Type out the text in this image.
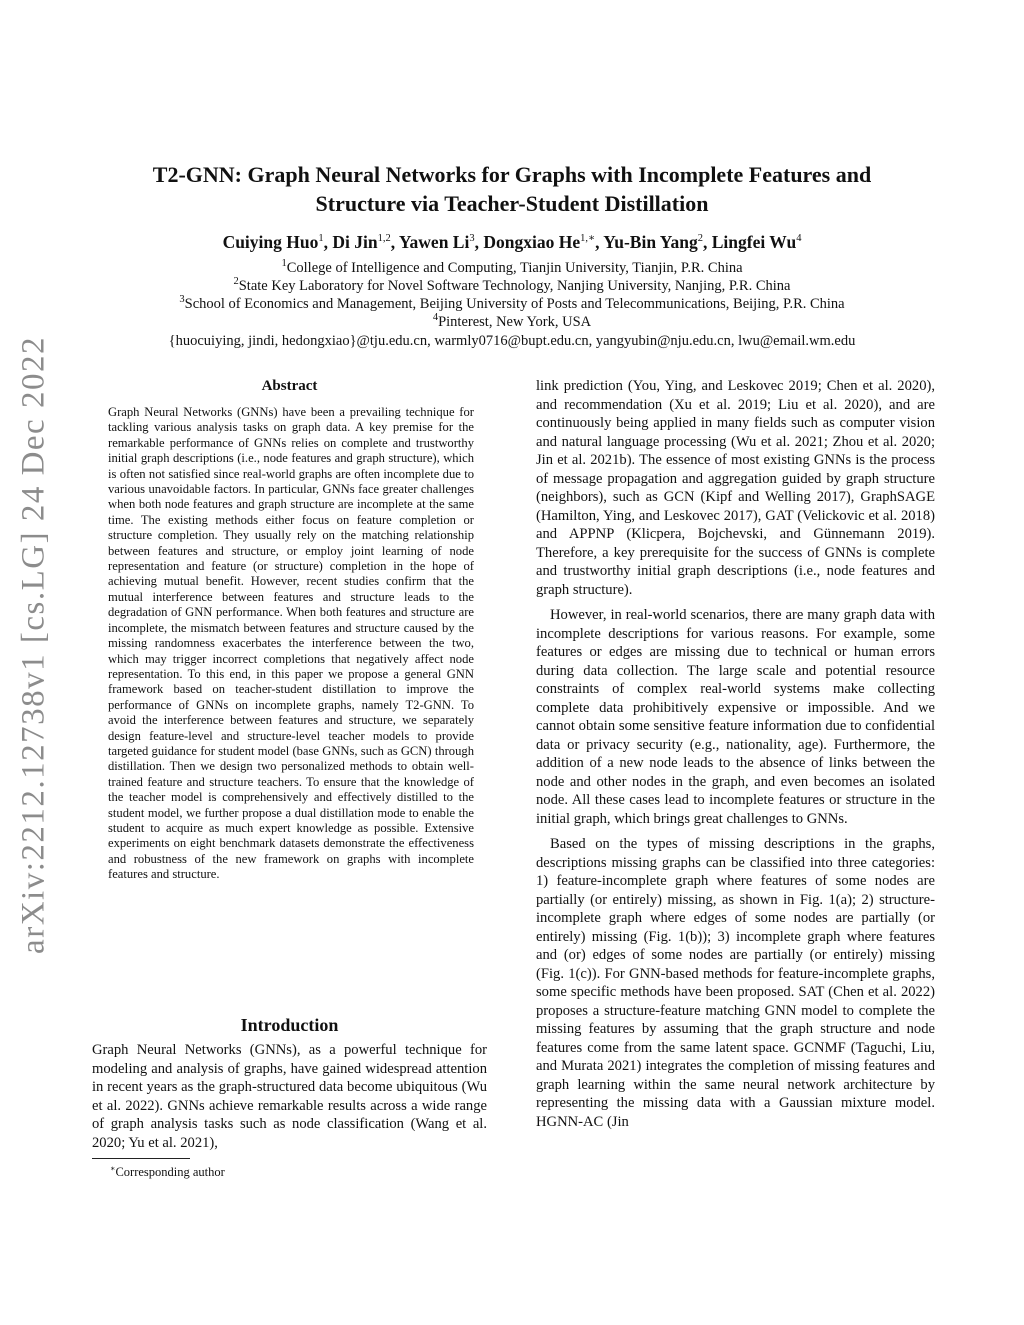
arXiv:2212.12738v1 [cs.LG] 24 Dec 2022
T2-GNN: Graph Neural Networks for Graphs with Incomplete Features and
Structure via Teacher-Student Distillation
Cuiying Huo$^1$, Di Jin$^{1,2}$, Yawen Li$^3$, Dongxiao $He^{1,∗}$, Yu-Bin Yang$^2$, Lingfei Wu$^4$
$^1$College of Intelligence and Computing, Tianjin University, Tianjin, P.R. China
$^2$State Key Laboratory for Novel Software Technology, Nanjing University, Nanjing, P.R. China
$^3$School of Economics and Management, Beijing University of Posts and Telecommunications, Beijing, P.R. China
$^4$Pinterest, New York, USA
{huocuiying, jindi, hedongxiao}@tju.edu.cn, warmly0716@bupt.edu.cn, yangyubin@nju.edu.cn, lwu@email.wm.edu
Abstract

Graph Neural Networks (GNNs) have been a prevailing technique for tackling various analysis tasks on graph data. A key premise for the remarkable performance of GNNs relies on complete and trustworthy initial graph descriptions (i.e., node features and graph structure), which is often not satisfied since real-world graphs are often incomplete due to various unavoidable factors. In particular, GNNs face greater challenges when both node features and graph structure are incomplete at the same time. The existing methods either focus on feature completion or structure completion. They usually rely on the matching relationship between features and structure, or employ joint learning of node representation and feature (or structure) completion in the hope of achieving mutual benefit. However, recent studies confirm that the mutual interference between features and structure leads to the degradation of GNN performance. When both features and structure are incomplete, the mismatch between features and structure caused by the missing randomness exacerbates the interference between the two, which may trigger incorrect completions that negatively affect node representation. To this end, in this paper we propose a general GNN framework based on teacher-student distillation to improve the performance of GNNs on incomplete graphs, namely T2-GNN. To avoid the interference between features and structure, we separately design feature-level and structure-level teacher models to provide targeted guidance for student model (base GNNs, such as GCN) through distillation. Then we design two personalized methods to obtain well-trained feature and structure teachers. To ensure that the knowledge of the teacher model is comprehensively and effectively distilled to the student model, we further propose a dual distillation mode to enable the student to acquire as much expert knowledge as possible. Extensive experiments on eight benchmark datasets demonstrate the effectiveness and robustness of the new framework on graphs with incomplete features and structure.

Introduction

Graph Neural Networks (GNNs), as a powerful technique for modeling and analysis of graphs, have gained widespread attention in recent years as the graph-structured data become ubiquitous (Wu et al. 2022). GNNs achieve remarkable results across a wide range of graph analysis tasks such as node classification (Wang et al. 2020; Yu et al. 2021),

∗Corresponding author

link prediction (You, Ying, and Leskovec 2019; Chen et al. 2020), and recommendation (Xu et al. 2019; Liu et al. 2020), and are continuously being applied in many fields such as computer vision and natural language processing (Wu et al. 2021; Zhou et al. 2020; Jin et al. 2021b). The essence of most existing GNNs is the process of message propagation and aggregation guided by graph structure (neighbors), such as GCN (Kipf and Welling 2017), GraphSAGE (Hamilton, Ying, and Leskovec 2017), GAT (Velickovic et al. 2018) and APPNP (Klicpera, Bojchevski, and Günnemann 2019). Therefore, a key prerequisite for the success of GNNs is complete and trustworthy initial graph descriptions (i.e., node features and graph structure).

However, in real-world scenarios, there are many graph data with incomplete descriptions for various reasons. For example, some features or edges are missing due to technical or human errors during data collection. The large scale and potential resource constraints of complex real-world systems make collecting complete data prohibitively expensive or impossible. And we cannot obtain some sensitive feature information due to confidential data or privacy security (e.g., nationality, age). Furthermore, the addition of a new node leads to the absence of links between the node and other nodes in the graph, and even becomes an isolated node. All these cases lead to incomplete features or structure in the initial graph, which brings great challenges to GNNs.

Based on the types of missing descriptions in the graphs, descriptions missing graphs can be classified into three categories: 1) feature-incomplete graph where features of some nodes are partially (or entirely) missing, as shown in Fig. 1(a); 2) structure-incomplete graph where edges of some nodes are partially (or entirely) missing (Fig. 1(b)); 3) incomplete graph where features and (or) edges of some nodes are partially (or entirely) missing (Fig. 1(c)). For GNN-based methods for feature-incomplete graphs, some specific methods have been proposed. SAT (Chen et al. 2022) proposes a structure-feature matching GNN model to complete the missing features by assuming that the graph structure and node features come from the same latent space. GCNMF (Taguchi, Liu, and Murata 2021) integrates the completion of missing features and graph learning within the same neural network architecture by representing the missing data with a Gaussian mixture model. HGNN-AC (Jin
